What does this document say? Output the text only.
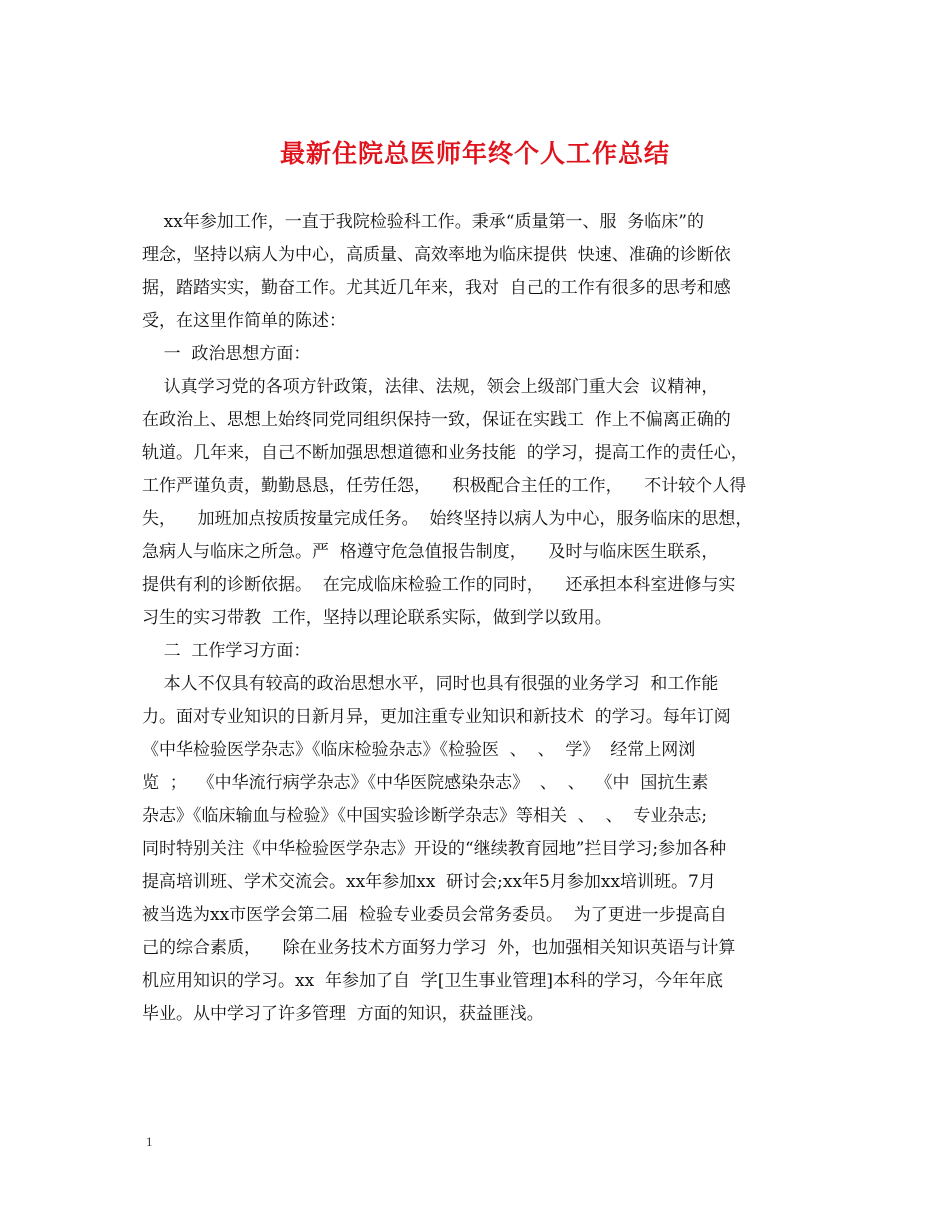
最新住院总医师年终个人工作总结
xx年参加工作，一直于我院检验科工作。秉承“质量第一、服  务临床”的
理念，坚持以病人为中心，高质量、高效率地为临床提供  快速、准确的诊断依
据，踏踏实实，勤奋工作。尤其近几年来，我对  自己的工作有很多的思考和感
受，在这里作简单的陈述：
一  政治思想方面：
认真学习党的各项方针政策，法律、法规，领会上级部门重大会  议精神，
在政治上、思想上始终同党同组织保持一致，保证在实践工  作上不偏离正确的
轨道。几年来，自己不断加强思想道德和业务技能  的学习，提高工作的责任心，
工作严谨负责，勤勤恳恳，任劳任怨，    积极配合主任的工作，    不计较个人得
失，    加班加点按质按量完成任务。  始终坚持以病人为中心，服务临床的思想，
急病人与临床之所急。严  格遵守危急值报告制度，    及时与临床医生联系，
提供有利的诊断依据。  在完成临床检验工作的同时，    还承担本科室进修与实
习生的实习带教  工作，坚持以理论联系实际，做到学以致用。
二  工作学习方面：
本人不仅具有较高的政治思想水平，同时也具有很强的业务学习  和工作能
力。面对专业知识的日新月异，更加注重专业知识和新技术  的学习。每年订阅
《中华检验医学杂志》《临床检验杂志》《检验医  、  、  学》  经常上网浏
览  ；  《中华流行病学杂志》《中华医院感染杂志》  、  、  《中  国抗生素
杂志》《临床输血与检验》《中国实验诊断学杂志》等相关  、  、  专业杂志;
同时特别关注《中华检验医学杂志》开设的“继续教育园地”拦目学习;参加各种
提高培训班、学术交流会。xx年参加xx  研讨会;xx年5月参加xx培训班。7月
被当选为xx市医学会第二届  检验专业委员会常务委员。  为了更进一步提高自
己的综合素质，    除在业务技术方面努力学习  外，也加强相关知识英语与计算
机应用知识的学习。xx  年参加了自  学[卫生事业管理]本科的学习，今年年底
毕业。从中学习了许多管理  方面的知识，获益匪浅。
1
